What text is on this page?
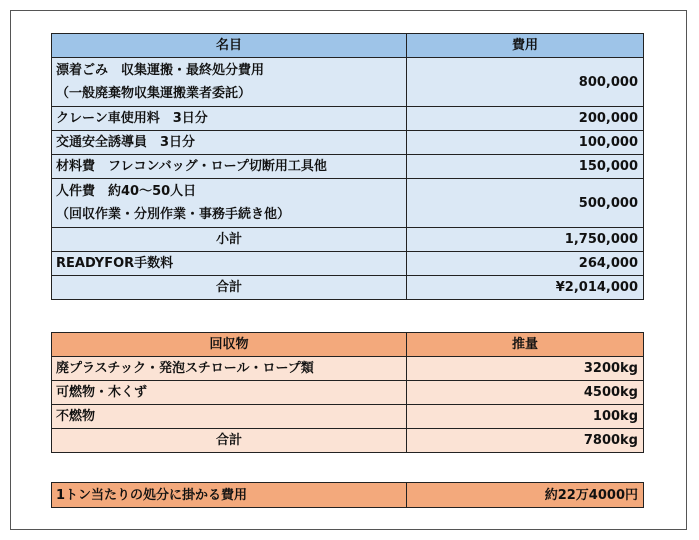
名目	費用

漂着ごみ　収集運搬・最終処分費用
（一般廃棄物収集運搬業者委託）	800,000
クレーン車使用料　3日分	200,000
交通安全誘導員　3日分	100,000
材料費　フレコンバッグ・ロープ切断用工具他	150,000

人件費　約40～50人日
（回収作業・分別作業・事務手続き他）	500,000
小計	1,750,000
READYFOR手数料	264,000
合計	¥2,014,000
回収物	推量
廃プラスチック・発泡スチロール・ロープ類	3200kg
可燃物・木くず	4500kg
不燃物	100kg
合計	7800kg
1トン当たりの処分に掛かる費用	約22万4000円
